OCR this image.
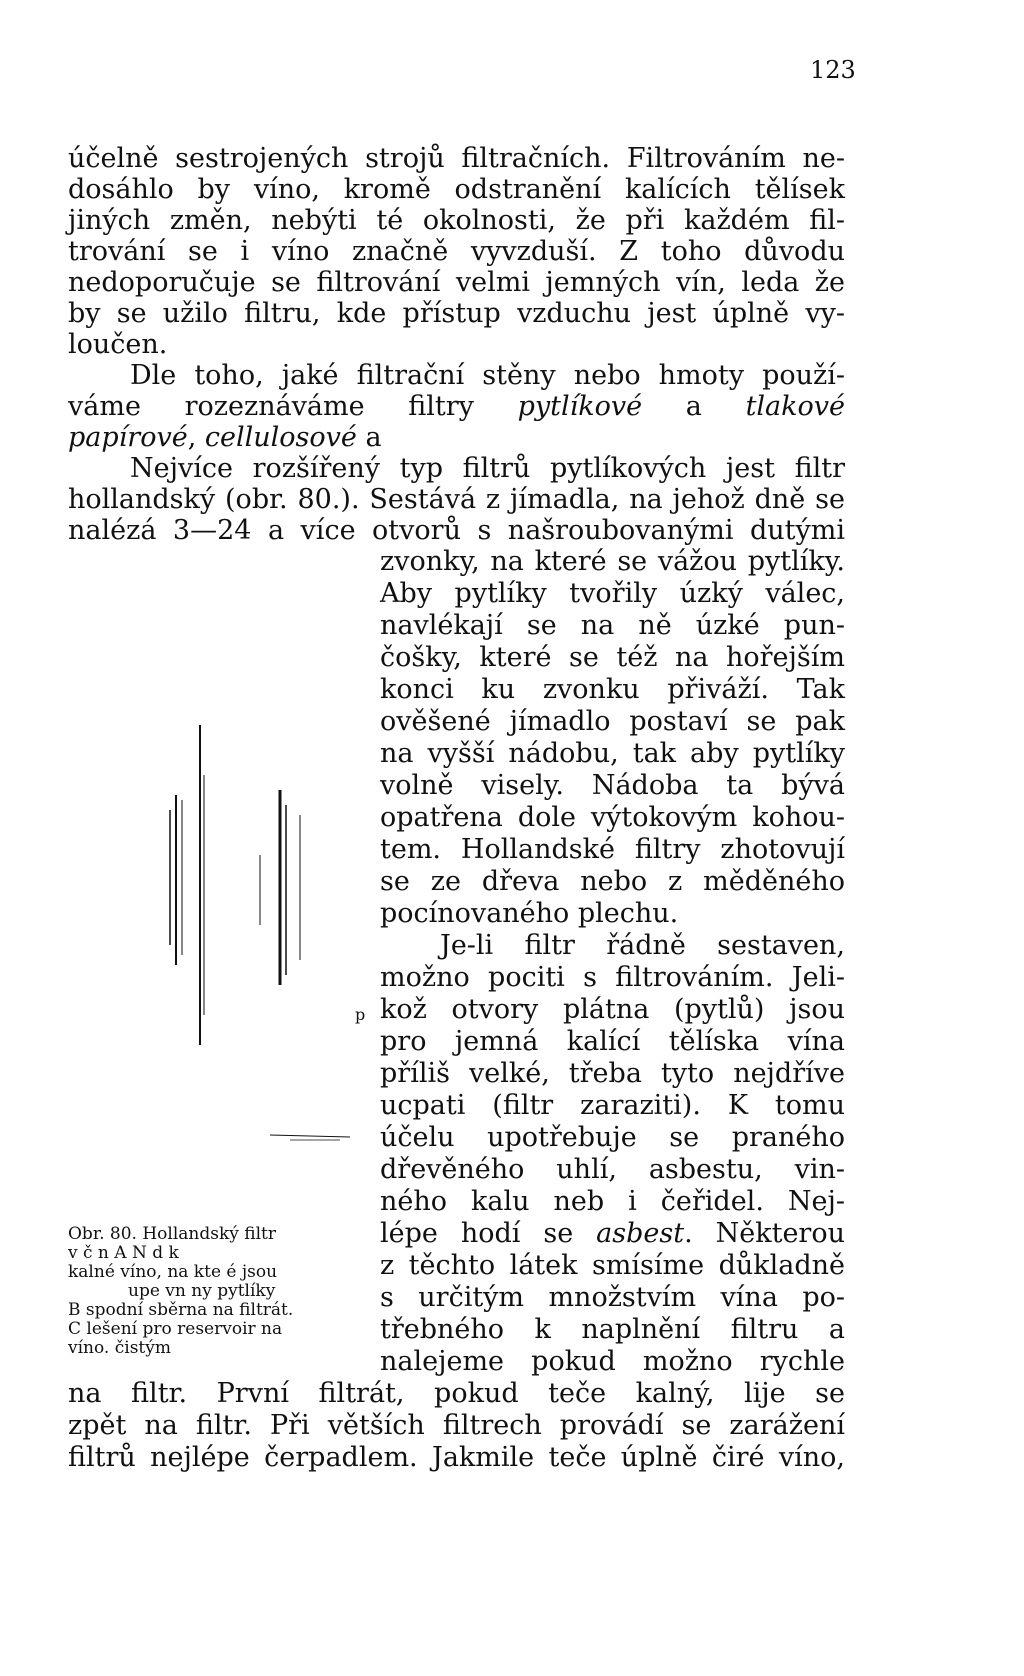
123
účelně sestrojených strojů filtračních. Filtrováním ne-
dosáhlo by víno, kromě odstranění kalících tělísek
jiných změn, nebýti té okolnosti, že při každém fil-
trování se i víno značně vyvzduší. Z toho důvodu
nedoporučuje se filtrování velmi jemných vín, leda že
by se užilo filtru, kde přístup vzduchu jest úplně vy-
loučen.
Dle toho, jaké filtrační stěny nebo hmoty použí-
váme rozeznáváme filtry pytlíkové a tlakové
papírové, cellulosové a
Nejvíce rozšířený typ filtrů pytlíkových jest filtr
hollandský (obr. 80.). Sestává z jímadla, na jehož dně se
nalézá 3—24 a více otvorů s našroubovanými dutými
zvonky, na které se vážou pytlíky.
Aby pytlíky tvořily úzký válec,
navlékají se na ně úzké pun-
čošky, které se též na hořejším
konci ku zvonku přiváží. Tak
ověšené jímadlo postaví se pak
na vyšší nádobu, tak aby pytlíky
volně visely. Nádoba ta bývá
opatřena dole výtokovým kohou-
tem. Hollandské filtry zhotovují
se ze dřeva nebo z měděného
pocínovaného plechu.
Je-li filtr řádně sestaven,
možno pociti s filtrováním. Jeli-
kož otvory plátna (pytlů) jsou
pro jemná kalící tělíska vína
příliš velké, třeba tyto nejdříve
ucpati (filtr zaraziti). K tomu
účelu upotřebuje se praného
dřevěného uhlí, asbestu, vin-
ného kalu neb i čeřidel. Nej-
lépe hodí se asbest. Některou
z těchto látek smísíme důkladně
s určitým množstvím vína po-
třebného k naplnění filtru a
nalejeme pokud možno rychle
na filtr. První filtrát, pokud teče kalný, lije se
zpět na filtr. Při větších filtrech provádí se zarážení
filtrů nejlépe čerpadlem. Jakmile teče úplně čiré víno,
p
Obr. 80. Hollandský filtr
v č n A N d k
kalné víno, na kte é jsou
upe vn ny pytlíky
B spodní sběrna na filtrát.
C lešení pro reservoir na
víno. čistým
